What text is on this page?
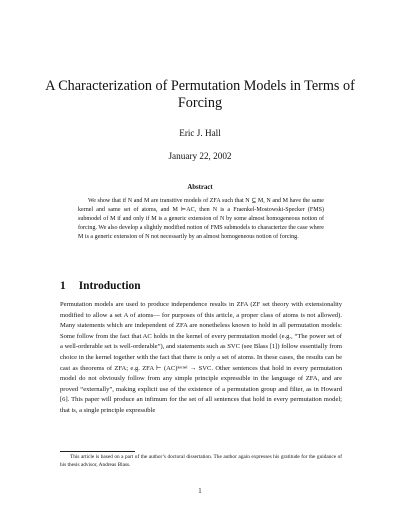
A Characterization of Permutation Models in Terms of Forcing
Eric J. Hall
January 22, 2002
Abstract

We show that if N and M are transitive models of ZFA such that N ⊆ M, N and M have the same kernel and same set of atoms, and M ⊨AC, then N is a Fraenkel-Mostowski-Specker (FMS) submodel of M if and only if M is a generic extension of N by some almost homogeneous notion of forcing. We also develop a slightly modified notion of FMS submodels to characterize the case where M is a generic extension of N not necessarily by an almost homogeneous notion of forcing.

1 Introduction

Permutation models are used to produce independence results in ZFA (ZF set theory with extensionality modified to allow a set A of atoms— for purposes of this article, a proper class of atoms is not allowed). Many statements which are independent of ZFA are nonetheless known to hold in all permutation models: Some follow from the fact that AC holds in the kernel of every permutation model (e.g., “The power set of a well-orderable set is well-orderable”), and statements such as SVC (see Blass [1]) follow essentially from choice in the kernel together with the fact that there is only a set of atoms. In these cases, the results can be cast as theorems of ZFA; e.g. ZFA ⊢ (AC)ᵏᵉʳⁿᵉˡ → SVC. Other sentences that hold in every permutation model do not obviously follow from any simple principle expressible in the language of ZFA, and are proved “externally”, making explicit use of the existence of a permutation group and filter, as in Howard [6]. This paper will produce an infimum for the set of all sentences that hold in every permutation model; that is, a single principle expressible

This article is based on a part of the author’s doctoral dissertation. The author again expresses his gratitude for the guidance of his thesis advisor, Andreas Blass.

1
